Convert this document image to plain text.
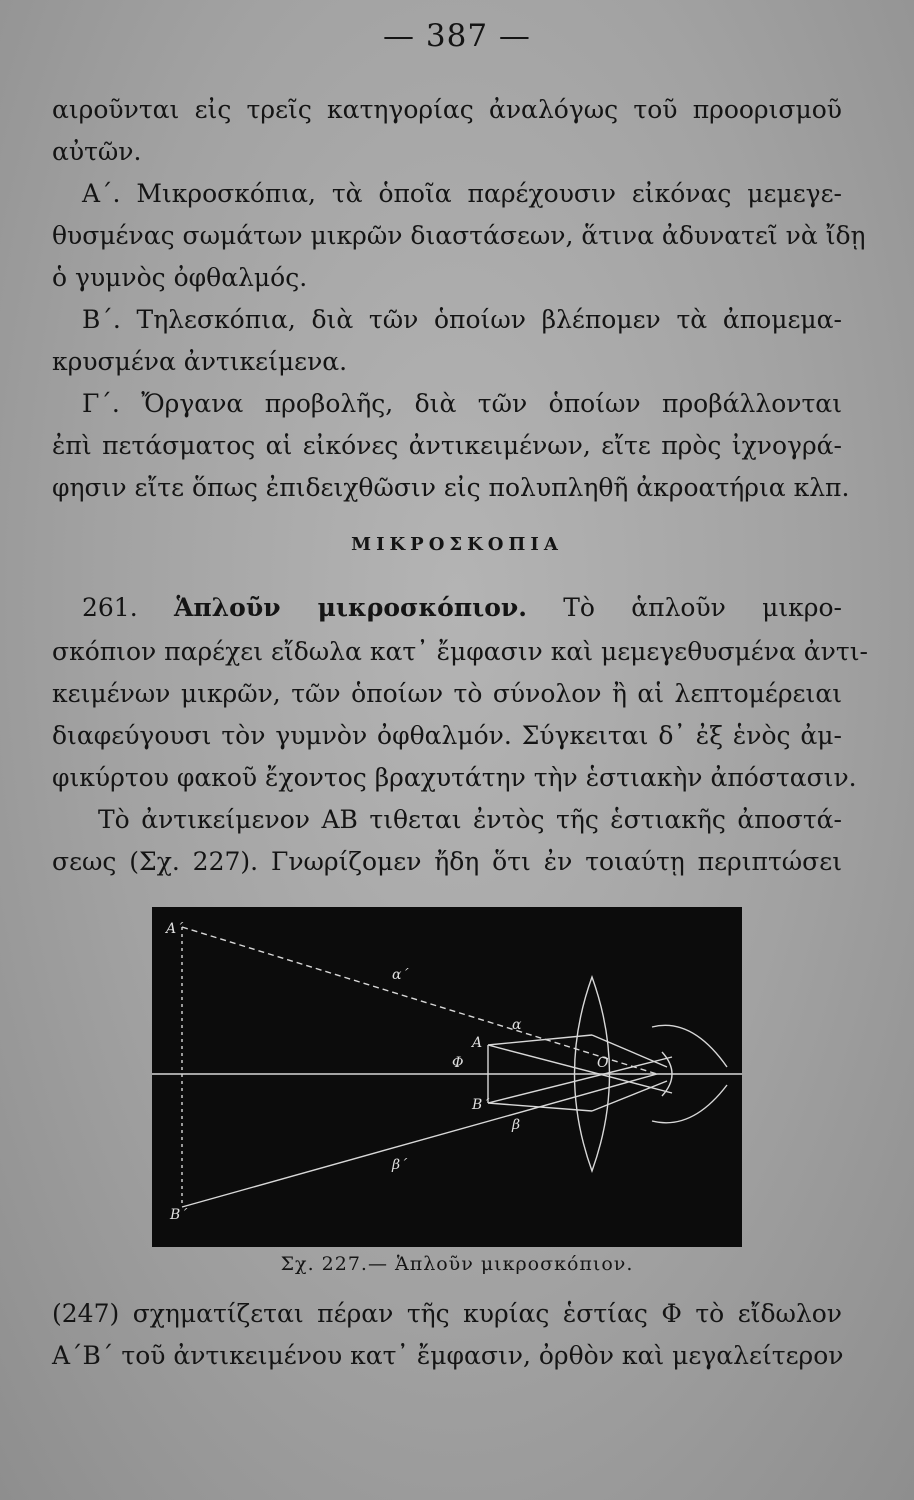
— 387 —
αιροῦνται εἰς τρεῖς κατηγορίας ἀναλόγως τοῦ προορισμοῦ
αὐτῶν.
Α΄. Μικροσκόπια, τὰ ὁποῖα παρέχουσιν εἰκόνας μεμεγε-
θυσμένας σωμάτων μικρῶν διαστάσεων, ἅτινα ἀδυνατεῖ νὰ ἴδῃ
ὁ γυμνὸς ὀφθαλμός.
Β΄. Τηλεσκόπια, διὰ τῶν ὁποίων βλέπομεν τὰ ἀπομεμα-
κρυσμένα ἀντικείμενα.
Γ΄. Ὄργανα προβολῆς, διὰ τῶν ὁποίων προβάλλονται
ἐπὶ πετάσματος αἱ εἰκόνες ἀντικειμένων, εἴτε πρὸς ἰχνογρά-
φησιν εἴτε ὅπως ἐπιδειχθῶσιν εἰς πολυπληθῆ ἀκροατήρια κλπ.
ΜΙΚΡΟΣΚΟΠΙΑ
261. Ἁπλοῦν μικροσκόπιον. Τὸ ἁπλοῦν μικρο-
σκόπιον παρέχει εἴδωλα κατ᾽ ἔμφασιν καὶ μεμεγεθυσμένα ἀντι-
κειμένων μικρῶν, τῶν ὁποίων τὸ σύνολον ἢ αἱ λεπτομέρειαι
διαφεύγουσι τὸν γυμνὸν ὀφθαλμόν. Σύγκειται δ᾽ ἐξ ἑνὸς ἀμ-
φικύρτου φακοῦ ἔχοντος βραχυτάτην τὴν ἑστιακὴν ἀπόστασιν.
Τὸ ἀντικείμενον ΑΒ τιθεται ἐντὸς τῆς ἑστιακῆς ἀποστά-
σεως (Σχ. 227). Γνωρίζομεν ἤδη ὅτι ἐν τοιαύτῃ περιπτώσει
Α΄
Β΄
Α
Β΄
Φ	Ο
α΄
α
β
β΄
Σχ. 227.— Ἁπλοῦν μικροσκόπιον.
(247) σχηματίζεται πέραν τῆς κυρίας ἑστίας Φ τὸ εἴδωλον
Α΄Β΄ τοῦ ἀντικειμένου κατ᾽ ἔμφασιν, ὀρθὸν καὶ μεγαλείτερον
